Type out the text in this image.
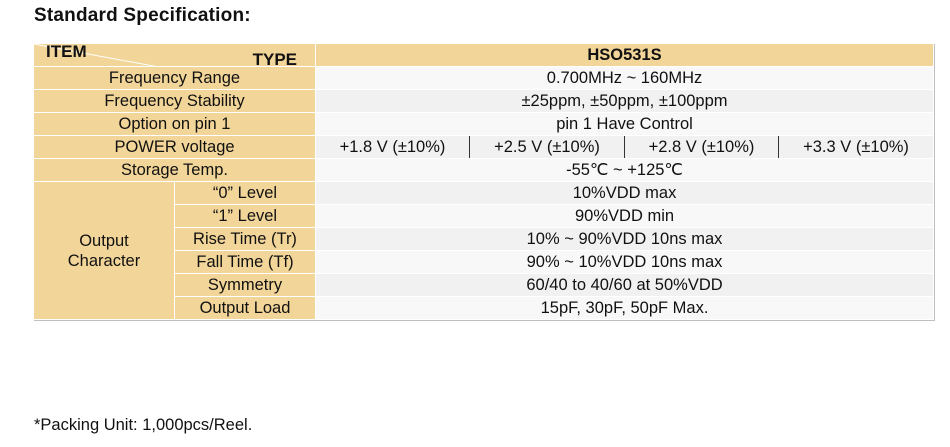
Standard Specification:
TYPE
ITEM		HSO531S			
Frequency Range		0.700MHz ~ 160MHz			
Frequency Stability		±25ppm, ±50ppm, ±100ppm			
Option on pin 1		pin 1 Have Control			
POWER voltage		+1.8 V (±10%)	+2.5 V (±10%)	+2.8 V (±10%)	+3.3 V (±10%)
Storage Temp.		-55℃ ~ +125℃			

Output
Character	“0” Level	10%VDD max			
	“1” Level	90%VDD min			
	Rise Time (Tr)	10% ~ 90%VDD 10ns max			
	Fall Time (Tf)	90% ~ 10%VDD 10ns max			
	Symmetry	60/40 to 40/60 at 50%VDD			
	Output Load	15pF, 30pF, 50pF Max.			
*Packing Unit: 1,000pcs/Reel.
